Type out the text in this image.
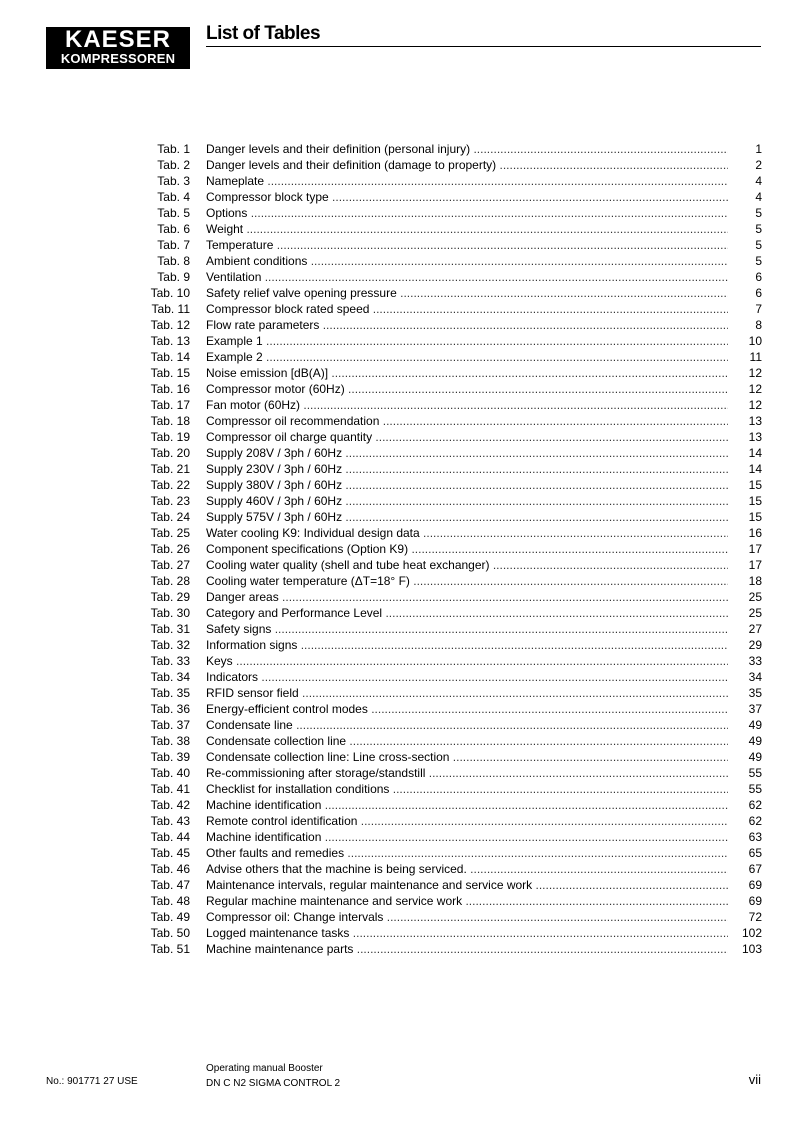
KAESER
KOMPRESSOREN
List of Tables
Tab. 1 Danger levels and their definition (personal injury) .....	1
Tab. 2 Danger levels and their definition (damage to property) .....	2
Tab. 3 Nameplate .....	4
Tab. 4 Compressor block type .....	4
Tab. 5 Options .....	5
Tab. 6 Weight .....	5
Tab. 7 Temperature .....	5
Tab. 8 Ambient conditions .....	5
Tab. 9 Ventilation .....	6
Tab. 10 Safety relief valve opening pressure .....	6
Tab. 11 Compressor block rated speed .....	7
Tab. 12 Flow rate parameters .....	8
Tab. 13 Example 1 .....	10
Tab. 14 Example 2 .....	11
Tab. 15 Noise emission [dB(A)] .....	12
Tab. 16 Compressor motor (60Hz) .....	12
Tab. 17 Fan motor (60Hz) .....	12
Tab. 18 Compressor oil recommendation .....	13
Tab. 19 Compressor oil charge quantity .....	13
Tab. 20 Supply 208V / 3ph / 60Hz .....	14
Tab. 21 Supply 230V / 3ph / 60Hz .....	14
Tab. 22 Supply 380V / 3ph / 60Hz .....	15
Tab. 23 Supply 460V / 3ph / 60Hz .....	15
Tab. 24 Supply 575V / 3ph / 60Hz .....	15
Tab. 25 Water cooling K9: Individual design data .....	16
Tab. 26 Component specifications (Option K9) .....	17
Tab. 27 Cooling water quality (shell and tube heat exchanger) .....	17
Tab. 28 Cooling water temperature (ΔT=18° F) .....	18
Tab. 29 Danger areas .....	25
Tab. 30 Category and Performance Level .....	25
Tab. 31 Safety signs .....	27
Tab. 32 Information signs .....	29
Tab. 33 Keys .....	33
Tab. 34 Indicators .....	34
Tab. 35 RFID sensor field .....	35
Tab. 36 Energy-efficient control modes .....	37
Tab. 37 Condensate line .....	49
Tab. 38 Condensate collection line .....	49
Tab. 39 Condensate collection line: Line cross-section .....	49
Tab. 40 Re-commissioning after storage/standstill .....	55
Tab. 41 Checklist for installation conditions .....	55
Tab. 42 Machine identification .....	62
Tab. 43 Remote control identification .....	62
Tab. 44 Machine identification .....	63
Tab. 45 Other faults and remedies .....	65
Tab. 46 Advise others that the machine is being serviced. .....	67
Tab. 47 Maintenance intervals, regular maintenance and service work .....	69
Tab. 48 Regular machine maintenance and service work .....	69
Tab. 49 Compressor oil: Change intervals .....	72
Tab. 50 Logged maintenance tasks .....	102
Tab. 51 Machine maintenance parts .....	103
No.: 901771 27 USE
Operating manual Booster
DN C N2 SIGMA CONTROL 2	vii
